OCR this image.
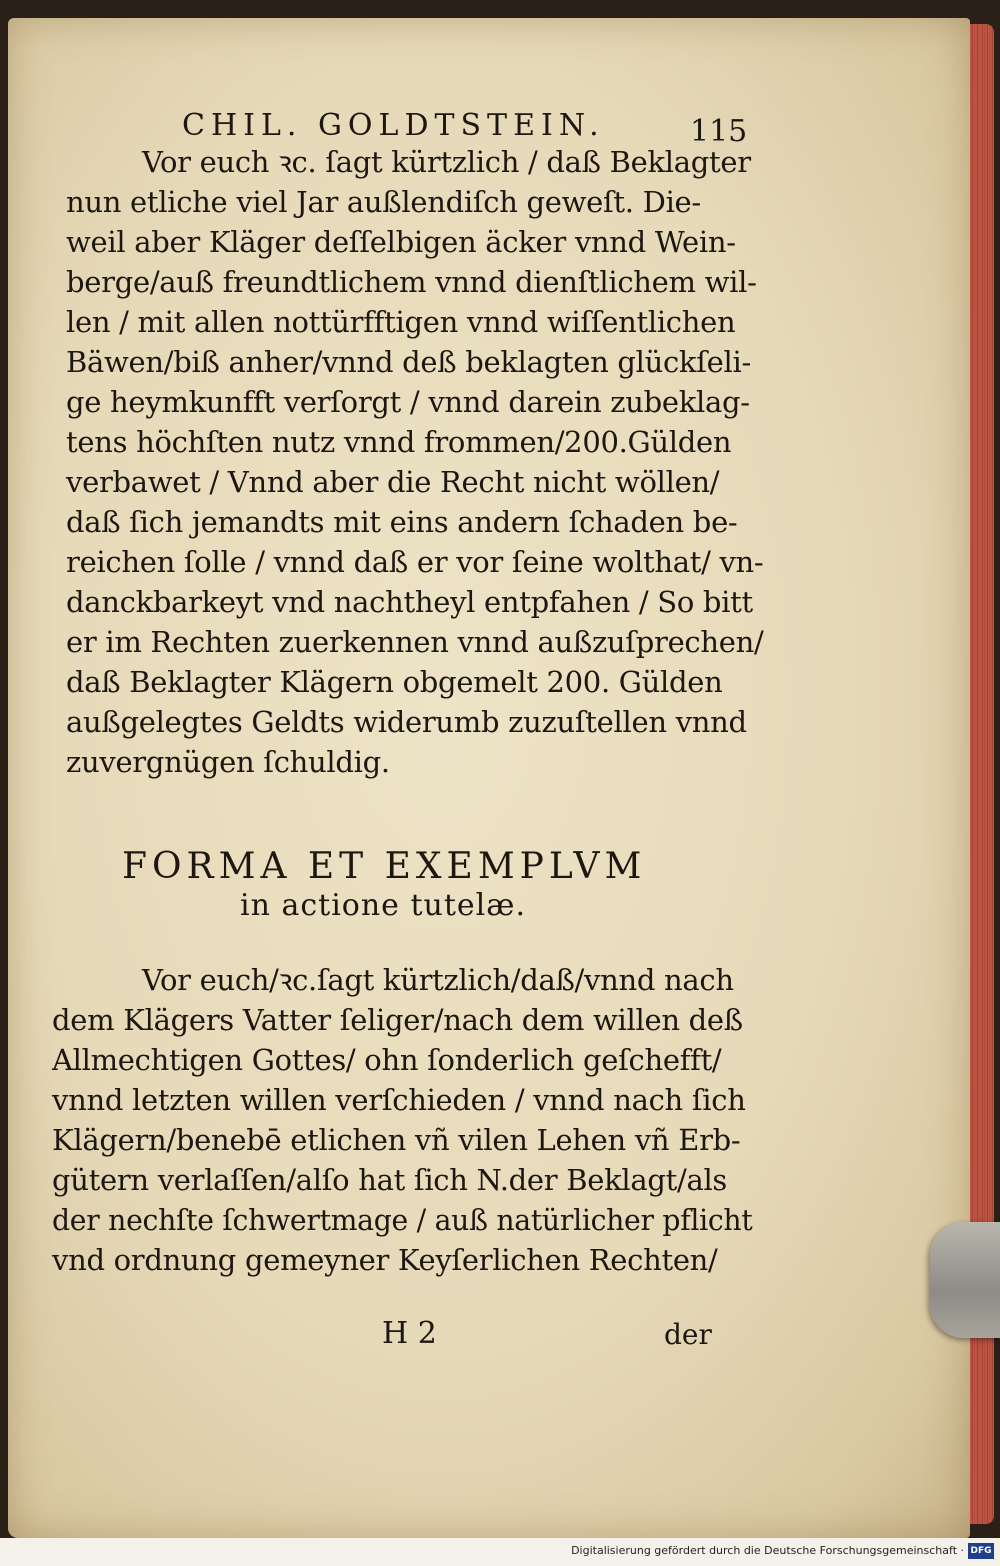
CHIL. GOLDTSTEIN.	115
Vor euch ꝛc. ſagt kürtzlich / daß Beklagter
nun etliche viel Jar außlendiſch geweſt. Die-
weil aber Kläger deſſelbigen äcker vnnd Wein-
berge/auß freundtlichem vnnd dienſtlichem wil-
len / mit allen nottürfftigen vnnd wiſſentlichen
Bäwen/biß anher/vnnd deß beklagten glückſeli-
ge heymkunfft verſorgt / vnnd darein zubeklag-
tens höchſten nutz vnnd frommen/200.Gülden
verbawet / Vnnd aber die Recht nicht wöllen/
daß ſich jemandts mit eins andern ſchaden be-
reichen ſolle / vnnd daß er vor ſeine wolthat/ vn-
danckbarkeyt vnd nachtheyl entpfahen / So bitt
er im Rechten zuerkennen vnnd außzuſprechen/
daß Beklagter Klägern obgemelt 200. Gülden
außgelegtes Geldts widerumb zuzuſtellen vnnd
zuvergnügen ſchuldig.
FORMA ET EXEMPLVM
in actione tutelæ.
Vor euch/ꝛc.ſagt kürtzlich/daß/vnnd nach
dem Klägers Vatter ſeliger/nach dem willen deß
Allmechtigen Gottes/ ohn ſonderlich geſchefft/
vnnd letzten willen verſchieden / vnnd nach ſich
Klägern/benebē etlichen vñ vilen Lehen vñ Erb-
gütern verlaſſen/alſo hat ſich N.der Beklagt/als
der nechſte ſchwertmage / auß natürlicher pflicht
vnd ordnung gemeyner Keyſerlichen Rechten/
H 2	der
Digitalisierung gefördert durch die Deutsche Forschungsgemeinschaft · DFG
